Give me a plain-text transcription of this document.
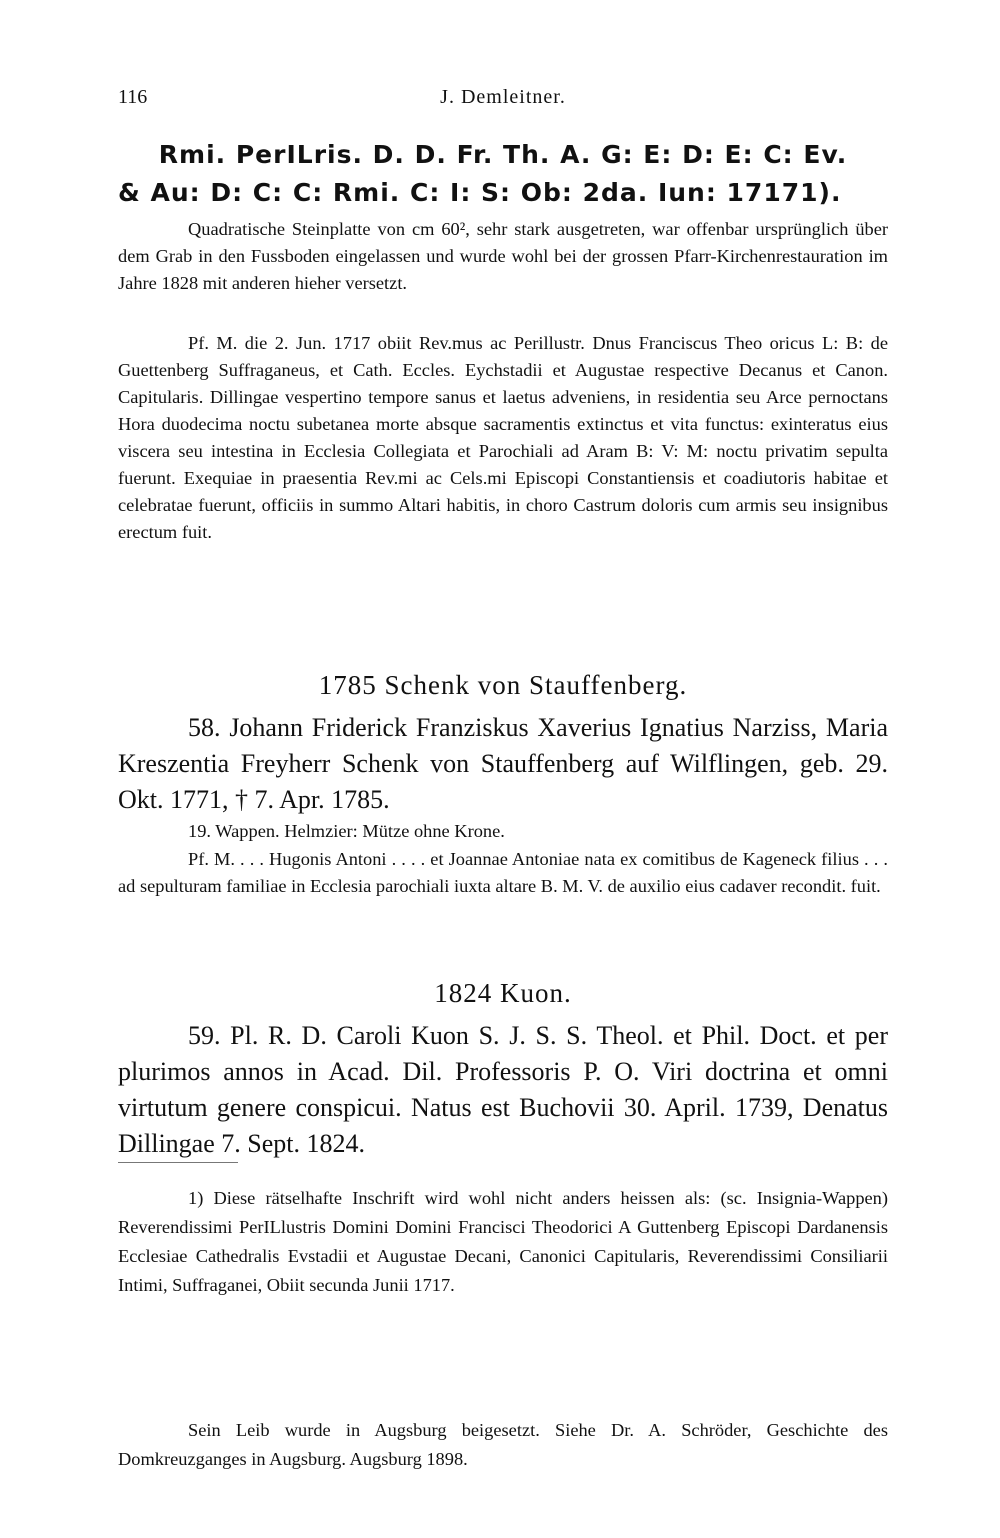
116	J. Demleitner.
Rmi. PerILris. D. D. Fr. Th. A. G: E: D: E: C: Ev.
& Au: D: C: C: Rmi. C: I: S: Ob: 2da. Iun: 17171).
Quadratische Steinplatte von cm 60², sehr stark ausgetreten, war offenbar ursprünglich über dem Grab in den Fussboden eingelassen und wurde wohl bei der grossen Pfarr-Kirchenrestauration im Jahre 1828 mit anderen hieher versetzt.
Pf. M. die 2. Jun. 1717 obiit Rev.mus ac Perillustr. Dnus Franciscus Theo oricus L: B: de Guettenberg Suffraganeus, et Cath. Eccles. Eychstadii et Augustae respective Decanus et Canon. Capitularis. Dillingae vespertino tempore sanus et laetus adveniens, in residentia seu Arce pernoctans Hora duodecima noctu subetanea morte absque sacramentis extinctus et vita functus: exinteratus eius viscera seu intestina in Ecclesia Collegiata et Parochiali ad Aram B: V: M: noctu privatim sepulta fuerunt. Exequiae in praesentia Rev.mi ac Cels.mi Episcopi Constantiensis et coadiutoris habitae et celebratae fuerunt, officiis in summo Altari habitis, in choro Castrum doloris cum armis seu insignibus erectum fuit.
1785 Schenk von Stauffenberg.
58. Johann Friderick Franziskus Xaverius Ignatius Narziss, Maria Kreszentia Freyherr Schenk von Stauffenberg auf Wilflingen, geb. 29. Okt. 1771, † 7. Apr. 1785.
19. Wappen. Helmzier: Mütze ohne Krone.
Pf. M. . . . Hugonis Antoni . . . . et Joannae Antoniae nata ex comitibus de Kageneck filius . . . ad sepulturam familiae in Ecclesia parochiali iuxta altare B. M. V. de auxilio eius cadaver recondit. fuit.
1824 Kuon.
59. Pl. R. D. Caroli Kuon S. J. S. S. Theol. et Phil. Doct. et per plurimos annos in Acad. Dil. Professoris P. O. Viri doctrina et omni virtutum genere conspicui. Natus est Buchovii 30. April. 1739, Denatus Dillingae 7. Sept. 1824.
1) Diese rätselhafte Inschrift wird wohl nicht anders heissen als: (sc. Insignia-Wappen) Reverendissimi PerILlustris Domini Domini Francisci Theodorici A Guttenberg Episcopi Dardanensis Ecclesiae Cathedralis Evstadii et Augustae Decani, Canonici Capitularis, Reverendissimi Consiliarii Intimi, Suffraganei, Obiit secunda Junii 1717.
Sein Leib wurde in Augsburg beigesetzt. Siehe Dr. A. Schröder, Geschichte des Domkreuzganges in Augsburg. Augsburg 1898.
